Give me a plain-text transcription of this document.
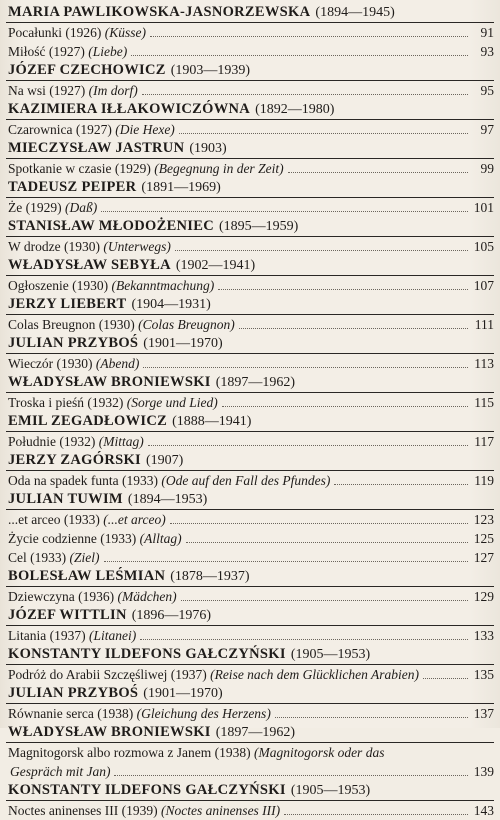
MARIA PAWLIKOWSKA-JASNORZEWSKA (1894—1945)
Pocałunki (1926) (Küsse)	91
Miłość (1927) (Liebe)	93
JÓZEF CZECHOWICZ (1903—1939)
Na wsi (1927) (Im dorf)	95
KAZIMIERA IŁŁAKOWICZÓWNA (1892—1980)
Czarownica (1927) (Die Hexe)	97
MIECZYSŁAW JASTRUN (1903)
Spotkanie w czasie (1929) (Begegnung in der Zeit)	99
TADEUSZ PEIPER (1891—1969)
Że (1929) (Daß)	101
STANISŁAW MŁODOŻENIEC (1895—1959)
W drodze (1930) (Unterwegs)	105
WŁADYSŁAW SEBYŁA (1902—1941)
Ogłoszenie (1930) (Bekanntmachung)	107
JERZY LIEBERT (1904—1931)
Colas Breugnon (1930) (Colas Breugnon)	111
JULIAN PRZYBOŚ (1901—1970)
Wieczór (1930) (Abend)	113
WŁADYSŁAW BRONIEWSKI (1897—1962)
Troska i pieśń (1932) (Sorge und Lied)	115
EMIL ZEGADŁOWICZ (1888—1941)
Południe (1932) (Mittag)	117
JERZY ZAGÓRSKI (1907)
Oda na spadek funta (1933) (Ode auf den Fall des Pfundes)	119
JULIAN TUWIM (1894—1953)
...et arceo (1933) (...et arceo)	123
Życie codzienne (1933) (Alltag)	125
Cel (1933) (Ziel)	127
BOLESŁAW LEŚMIAN (1878—1937)
Dziewczyna (1936) (Mädchen)	129
JÓZEF WITTLIN (1896—1976)
Litania (1937) (Litanei)	133
KONSTANTY ILDEFONS GAŁCZYŃSKI (1905—1953)
Podróż do Arabii Szczęśliwej (1937) (Reise nach dem Glücklichen Arabien)	135
JULIAN PRZYBOŚ (1901—1970)
Równanie serca (1938) (Gleichung des Herzens)	137
WŁADYSŁAW BRONIEWSKI (1897—1962)
Magnitogorsk albo rozmowa z Janem (1938) (Magnitogorsk oder das
Gespräch mit Jan)	139
KONSTANTY ILDEFONS GAŁCZYŃSKI (1905—1953)
Noctes aninenses III (1939) (Noctes aninenses III)	143
